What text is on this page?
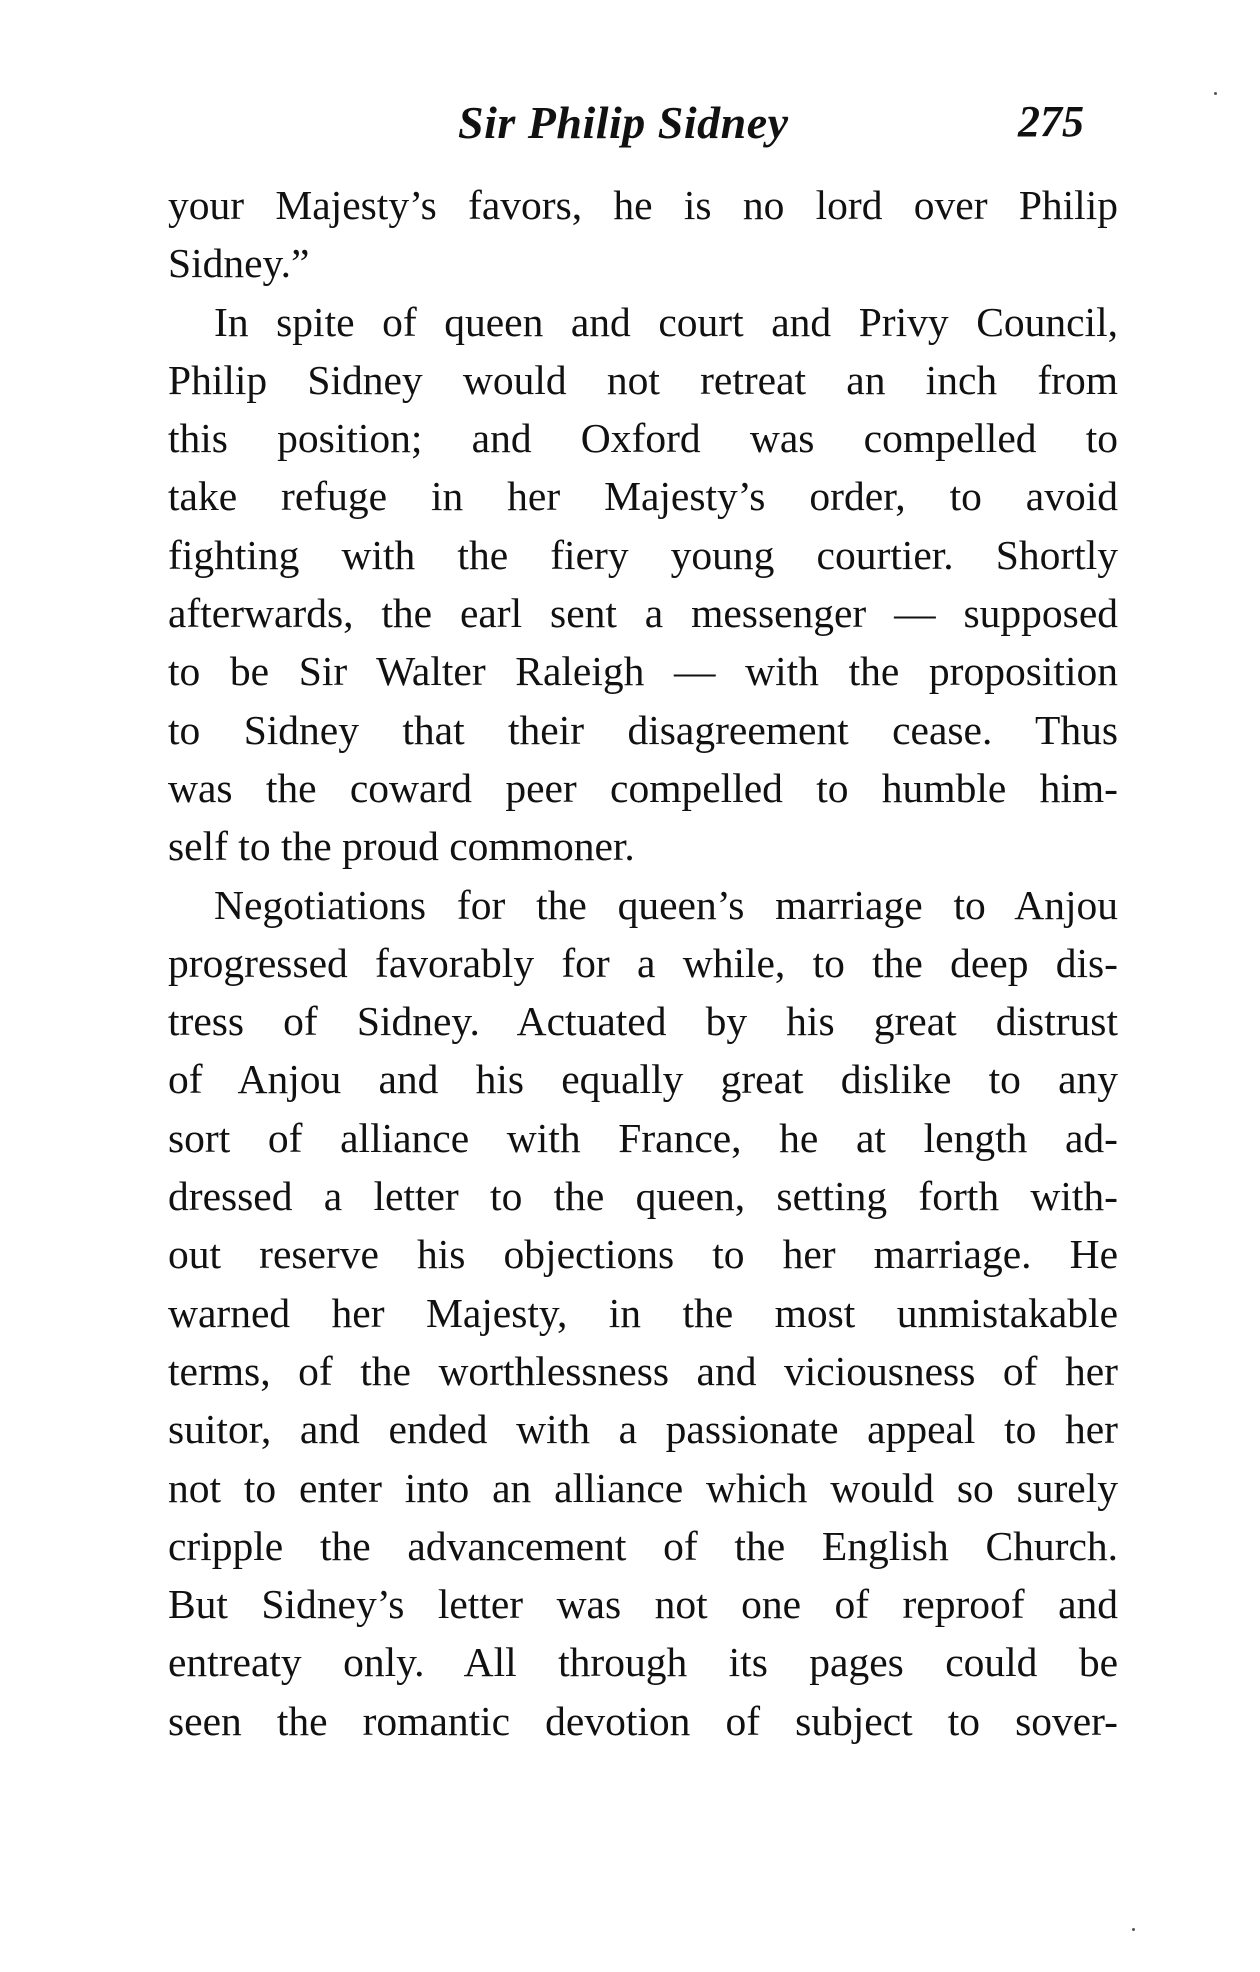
Sir Philip Sidney	275
your Majesty’s favors, he is no lord over Philip
Sidney.”
In spite of queen and court and Privy Council,
Philip Sidney would not retreat an inch from
this position; and Oxford was compelled to
take refuge in her Majesty’s order, to avoid
fighting with the fiery young courtier. Shortly
afterwards, the earl sent a messenger — supposed
to be Sir Walter Raleigh — with the proposition
to Sidney that their disagreement cease. Thus
was the coward peer compelled to humble him-
self to the proud commoner.
Negotiations for the queen’s marriage to Anjou
progressed favorably for a while, to the deep dis-
tress of Sidney. Actuated by his great distrust
of Anjou and his equally great dislike to any
sort of alliance with France, he at length ad-
dressed a letter to the queen, setting forth with-
out reserve his objections to her marriage. He
warned her Majesty, in the most unmistakable
terms, of the worthlessness and viciousness of her
suitor, and ended with a passionate appeal to her
not to enter into an alliance which would so surely
cripple the advancement of the English Church.
But Sidney’s letter was not one of reproof and
entreaty only. All through its pages could be
seen the romantic devotion of subject to sover-
